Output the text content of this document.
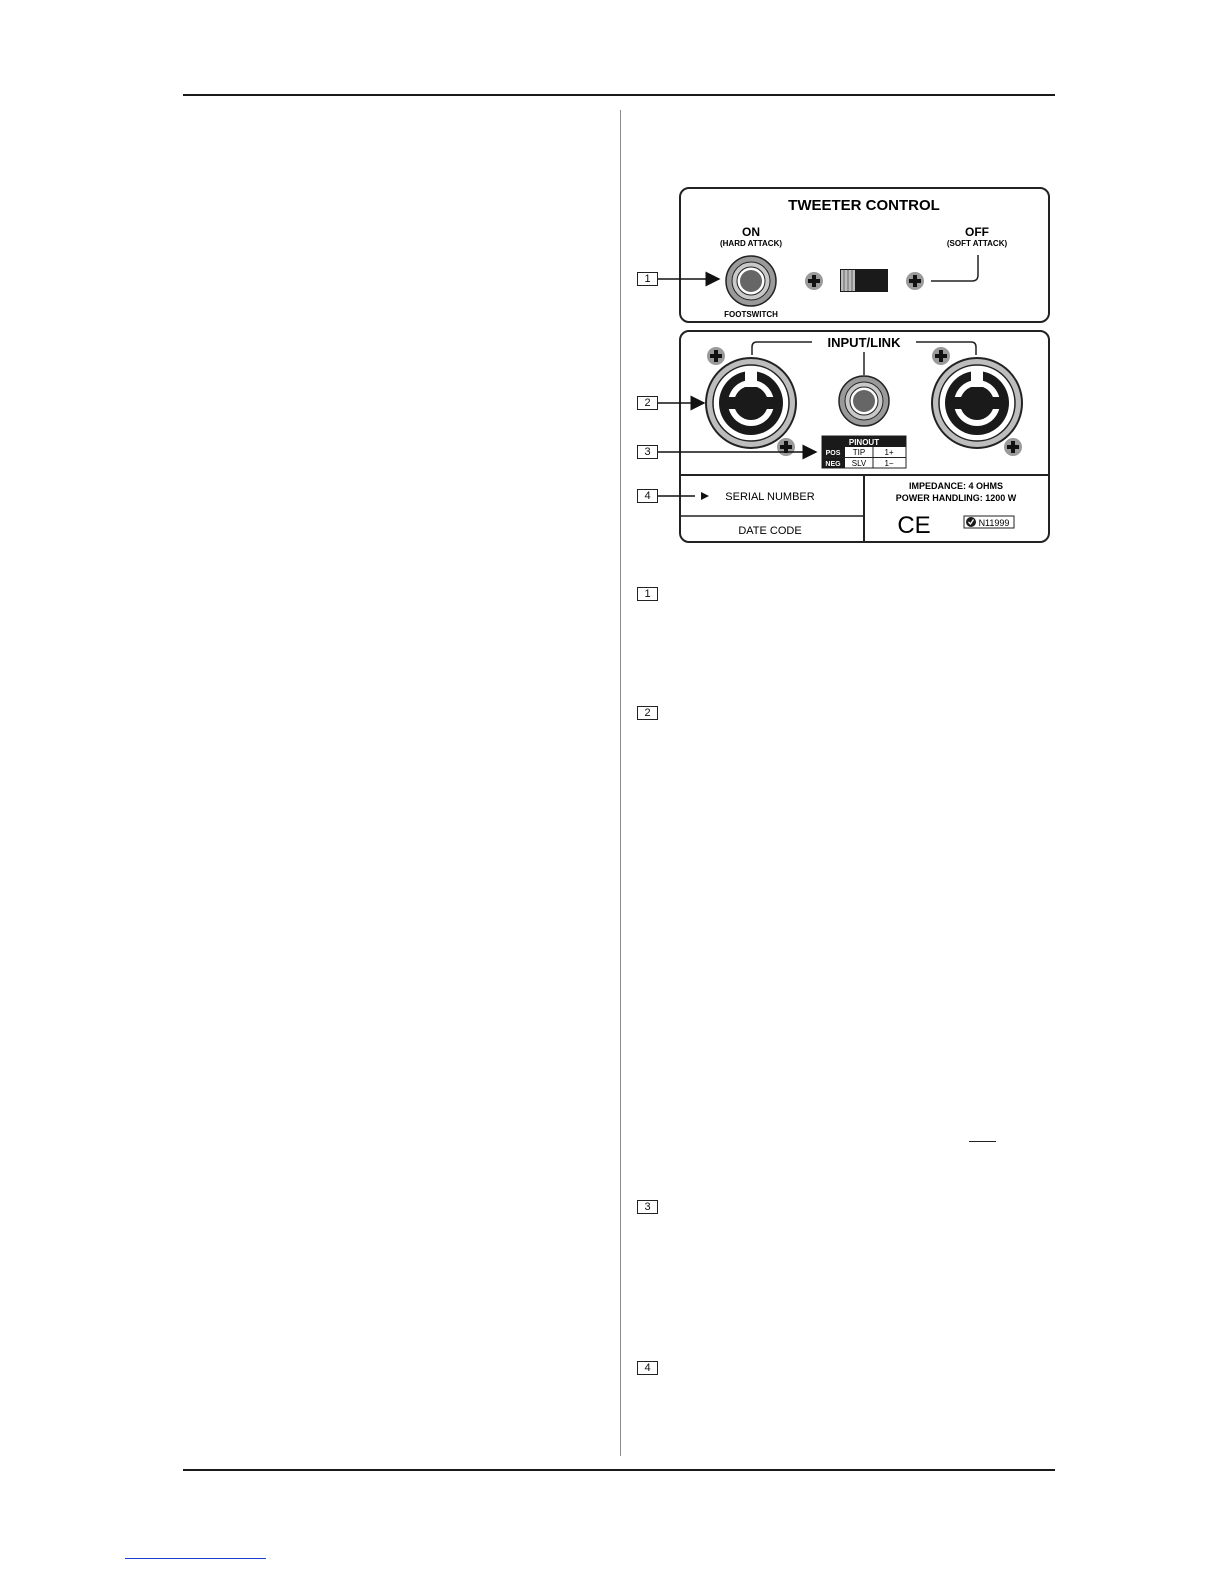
TWEETER CONTROL
ON
(HARD ATTACK)
OFF
(SOFT ATTACK)
FOOTSWITCH
INPUT/LINK
PINOUT
POS TIP 1+
NEG SLV 1−
SERIAL NUMBER
DATE CODE
IMPEDANCE: 4 OHMS
POWER HANDLING: 1200 W
CE	N11999
1
2
3
4
1
2
3
4
